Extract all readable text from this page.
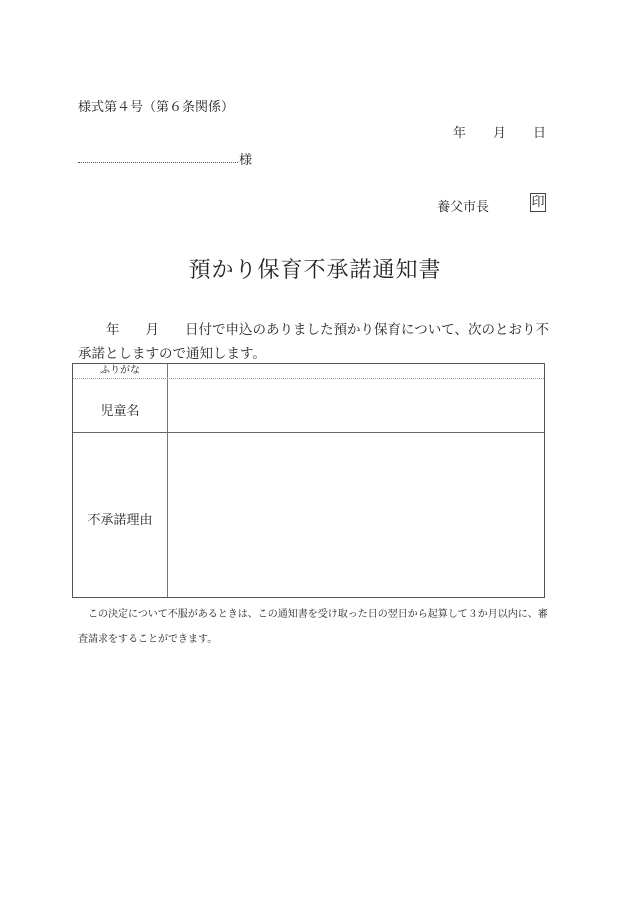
様式第４号（第６条関係）
年 月 日
様
養父市長	印
預かり保育不承諾通知書
年 月 日付で申込のありました預かり保育について、次のとおり不
承諾としますので通知します。
ふりがな
児童名
不承諾理由
この決定について不服があるときは、この通知書を受け取った日の翌日から起算して３か月以内に、審
査請求をすることができます。
